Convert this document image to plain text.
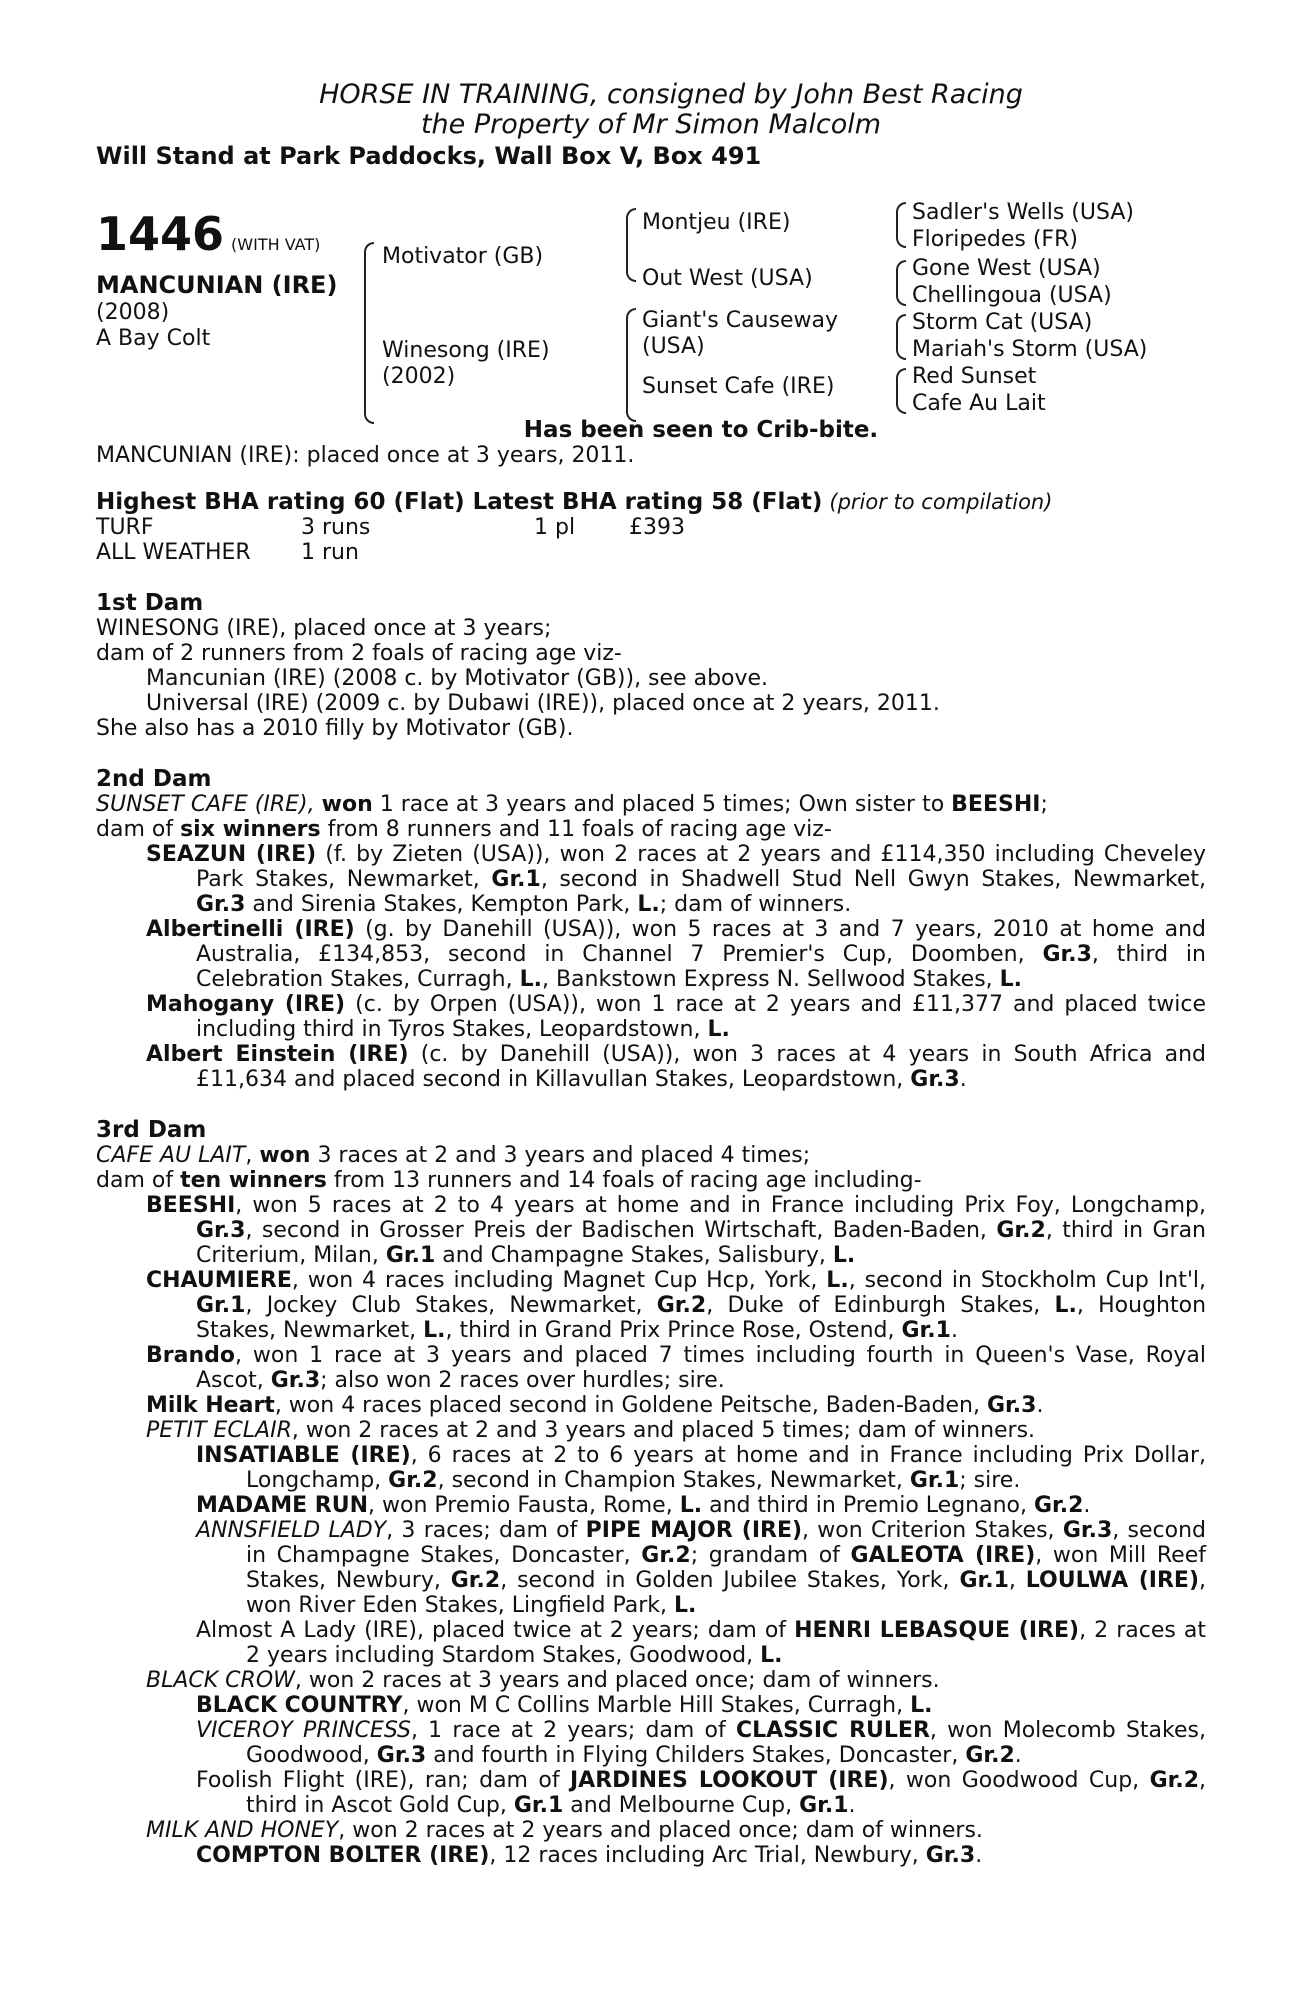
HORSE IN TRAINING, consigned by John Best Racing
the Property of Mr Simon Malcolm
Will Stand at Park Paddocks, Wall Box V, Box 491
1446 (WITH VAT)
MANCUNIAN (IRE)
(2008)
A Bay Colt
Motivator (GB)
Winesong (IRE)
(2002)
Montjeu (IRE)
Out West (USA)
Giant's Causeway
(USA)
Sunset Cafe (IRE)
Sadler's Wells (USA)
Floripedes (FR)
Gone West (USA)
Chellingoua (USA)
Storm Cat (USA)
Mariah's Storm (USA)
Red Sunset
Cafe Au Lait
Has been seen to Crib-bite.
MANCUNIAN (IRE): placed once at 3 years, 2011.
Highest BHA rating 60 (Flat) Latest BHA rating 58 (Flat) (prior to compilation)
TURF	3 runs	1 pl	£393
ALL WEATHER	1 run
1st Dam
WINESONG (IRE), placed once at 3 years;
dam of 2 runners from 2 foals of racing age viz-
Mancunian (IRE) (2008 c. by Motivator (GB)), see above.
Universal (IRE) (2009 c. by Dubawi (IRE)), placed once at 2 years, 2011.
She also has a 2010 filly by Motivator (GB).
2nd Dam
SUNSET CAFE (IRE), won 1 race at 3 years and placed 5 times; Own sister to BEESHI;
dam of six winners from 8 runners and 11 foals of racing age viz-
SEAZUN (IRE) (f. by Zieten (USA)), won 2 races at 2 years and £114,350 including Cheveley Park Stakes, Newmarket, Gr.1, second in Shadwell Stud Nell Gwyn Stakes, Newmarket, Gr.3 and Sirenia Stakes, Kempton Park, L.; dam of winners.
Albertinelli (IRE) (g. by Danehill (USA)), won 5 races at 3 and 7 years, 2010 at home and Australia, £134,853, second in Channel 7 Premier's Cup, Doomben, Gr.3, third in Celebration Stakes, Curragh, L., Bankstown Express N. Sellwood Stakes, L.
Mahogany (IRE) (c. by Orpen (USA)), won 1 race at 2 years and £11,377 and placed twice including third in Tyros Stakes, Leopardstown, L.
Albert Einstein (IRE) (c. by Danehill (USA)), won 3 races at 4 years in South Africa and £11,634 and placed second in Killavullan Stakes, Leopardstown, Gr.3.
3rd Dam
CAFE AU LAIT, won 3 races at 2 and 3 years and placed 4 times;
dam of ten winners from 13 runners and 14 foals of racing age including-
BEESHI, won 5 races at 2 to 4 years at home and in France including Prix Foy, Longchamp, Gr.3, second in Grosser Preis der Badischen Wirtschaft, Baden-Baden, Gr.2, third in Gran Criterium, Milan, Gr.1 and Champagne Stakes, Salisbury, L.
CHAUMIERE, won 4 races including Magnet Cup Hcp, York, L., second in Stockholm Cup Int'l, Gr.1, Jockey Club Stakes, Newmarket, Gr.2, Duke of Edinburgh Stakes, L., Houghton Stakes, Newmarket, L., third in Grand Prix Prince Rose, Ostend, Gr.1.
Brando, won 1 race at 3 years and placed 7 times including fourth in Queen's Vase, Royal Ascot, Gr.3; also won 2 races over hurdles; sire.
Milk Heart, won 4 races placed second in Goldene Peitsche, Baden-Baden, Gr.3.
PETIT ECLAIR, won 2 races at 2 and 3 years and placed 5 times; dam of winners.
INSATIABLE (IRE), 6 races at 2 to 6 years at home and in France including Prix Dollar, Longchamp, Gr.2, second in Champion Stakes, Newmarket, Gr.1; sire.
MADAME RUN, won Premio Fausta, Rome, L. and third in Premio Legnano, Gr.2.
ANNSFIELD LADY, 3 races; dam of PIPE MAJOR (IRE), won Criterion Stakes, Gr.3, second in Champagne Stakes, Doncaster, Gr.2; grandam of GALEOTA (IRE), won Mill Reef Stakes, Newbury, Gr.2, second in Golden Jubilee Stakes, York, Gr.1, LOULWA (IRE), won River Eden Stakes, Lingfield Park, L.
Almost A Lady (IRE), placed twice at 2 years; dam of HENRI LEBASQUE (IRE), 2 races at 2 years including Stardom Stakes, Goodwood, L.
BLACK CROW, won 2 races at 3 years and placed once; dam of winners.
BLACK COUNTRY, won M C Collins Marble Hill Stakes, Curragh, L.
VICEROY PRINCESS, 1 race at 2 years; dam of CLASSIC RULER, won Molecomb Stakes, Goodwood, Gr.3 and fourth in Flying Childers Stakes, Doncaster, Gr.2.
Foolish Flight (IRE), ran; dam of JARDINES LOOKOUT (IRE), won Goodwood Cup, Gr.2, third in Ascot Gold Cup, Gr.1 and Melbourne Cup, Gr.1.
MILK AND HONEY, won 2 races at 2 years and placed once; dam of winners.
COMPTON BOLTER (IRE), 12 races including Arc Trial, Newbury, Gr.3.
